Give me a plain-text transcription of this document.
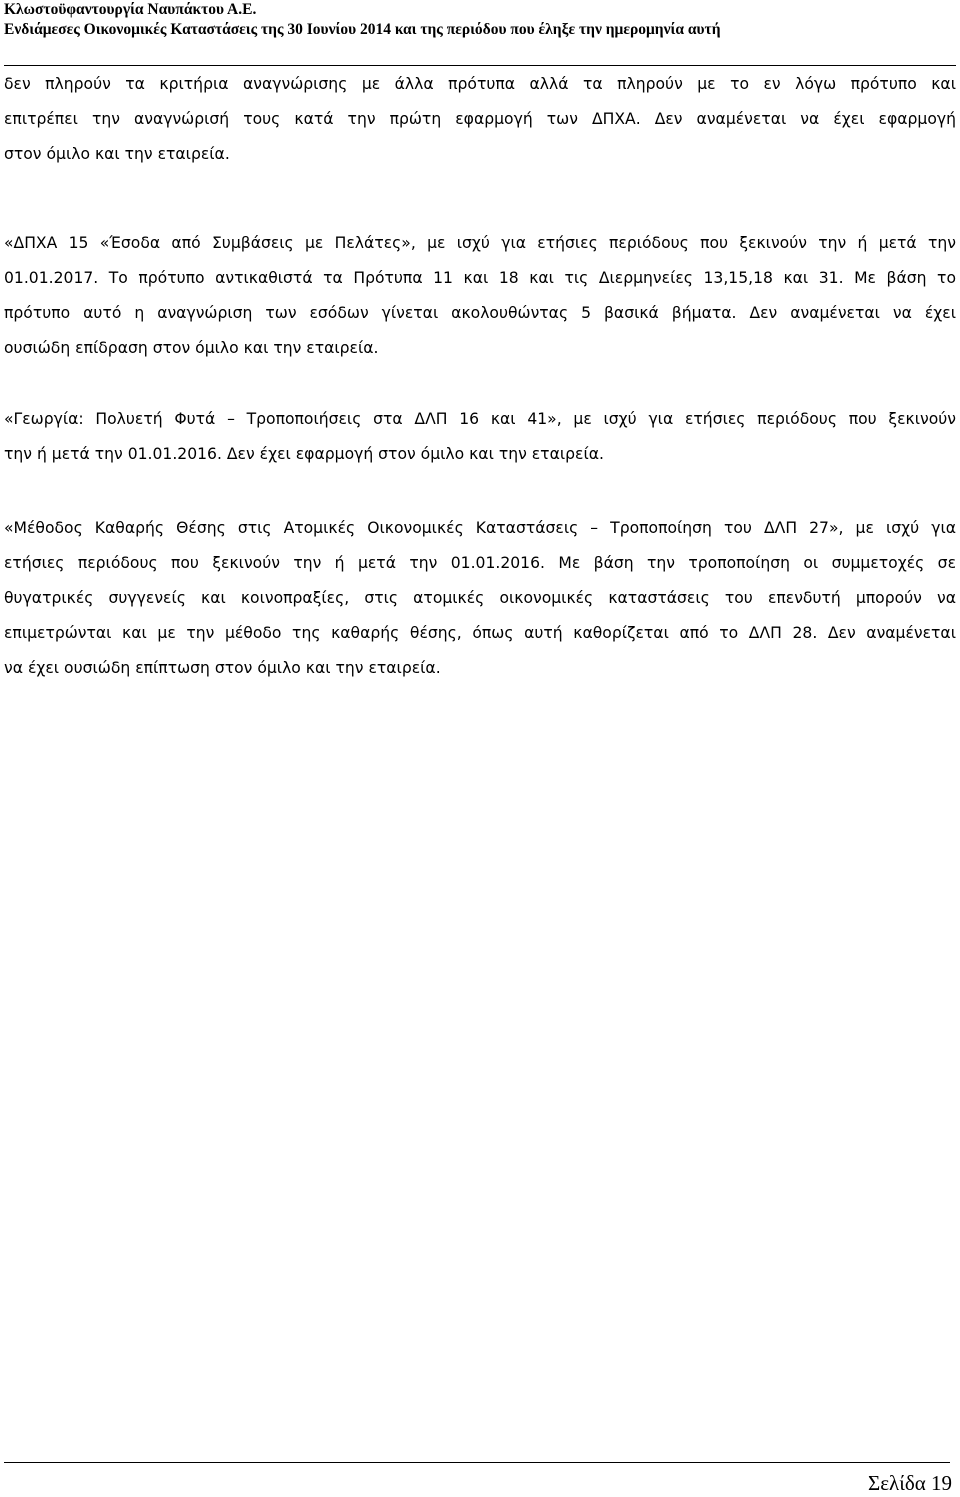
Κλωστοϋφαντουργία Ναυπάκτου Α.Ε.
Ενδιάμεσες Οικονομικές Καταστάσεις της 30 Ιουνίου 2014 και της περιόδου που έληξε την ημερομηνία αυτή

δεν πληρούν τα κριτήρια αναγνώρισης με άλλα πρότυπα αλλά τα πληρούν με το εν λόγω πρότυπο και
επιτρέπει την αναγνώρισή τους κατά την πρώτη εφαρμογή των ΔΠΧΑ. Δεν αναμένεται να έχει εφαρμογή
στον όμιλο και την εταιρεία.

«ΔΠΧΑ 15 «Έσοδα από Συμβάσεις με Πελάτες», με ισχύ για ετήσιες περιόδους που ξεκινούν την ή μετά την
01.01.2017. Το πρότυπο αντικαθιστά τα Πρότυπα 11 και 18 και τις Διερμηνείες 13,15,18 και 31. Με βάση το
πρότυπο αυτό η αναγνώριση των εσόδων γίνεται ακολουθώντας 5 βασικά βήματα. Δεν αναμένεται να έχει
ουσιώδη επίδραση στον όμιλο και την εταιρεία.

«Γεωργία: Πολυετή Φυτά – Τροποποιήσεις στα ΔΛΠ 16 και 41», με ισχύ για ετήσιες περιόδους που ξεκινούν
την ή μετά την 01.01.2016. Δεν έχει εφαρμογή στον όμιλο και την εταιρεία.

«Μέθοδος Καθαρής Θέσης στις Ατομικές Οικονομικές Καταστάσεις – Τροποποίηση του ΔΛΠ 27», με ισχύ για
ετήσιες περιόδους που ξεκινούν την ή μετά την 01.01.2016. Με βάση την τροποποίηση οι συμμετοχές σε
θυγατρικές συγγενείς και κοινοπραξίες, στις ατομικές οικονομικές καταστάσεις του επενδυτή μπορούν να
επιμετρώνται και με την μέθοδο της καθαρής θέσης, όπως αυτή καθορίζεται από το ΔΛΠ 28. Δεν αναμένεται
να έχει ουσιώδη επίπτωση στον όμιλο και την εταιρεία.

Σελίδα 19
